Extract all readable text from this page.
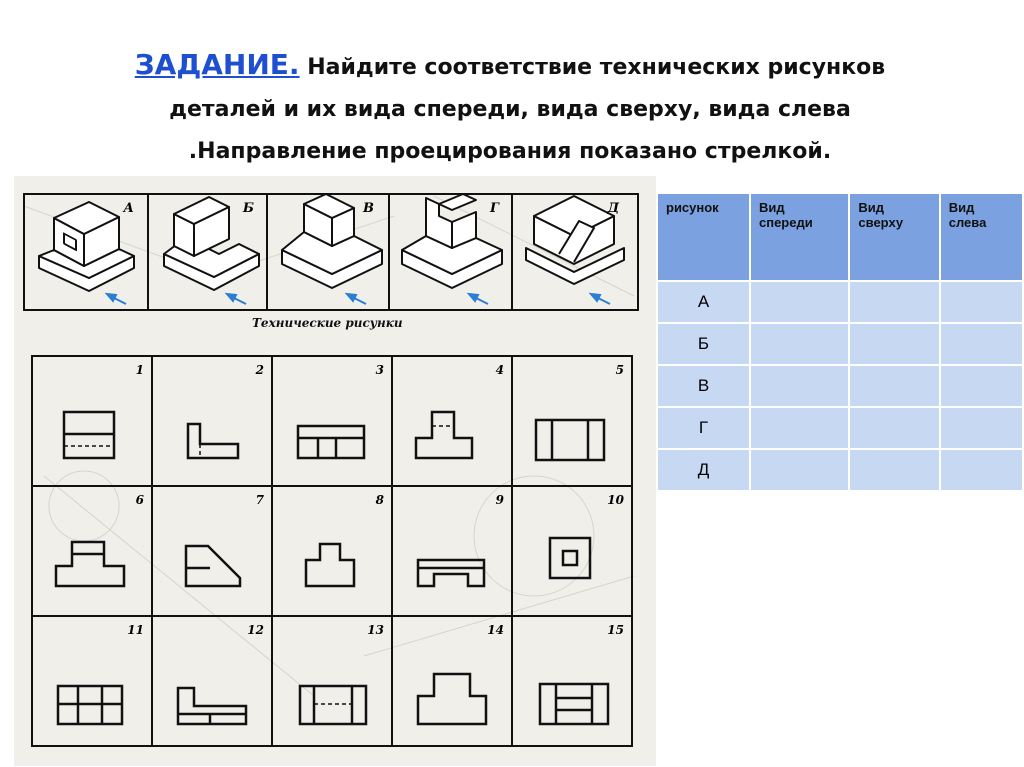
ЗАДАНИЕ. Найдите соответствие технических рисунков
деталей и их вида спереди, вида сверху, вида слева
.Направление проецирования показано стрелкой.
А	Б	В	Г	Д
1	2	3	4	5
6	7	8	9	10
11	12	13	14	15
Технические рисунки
рисунок	Вид спереди	Вид сверху	Вид слева
А			
Б			
В			
Г			
Д			
